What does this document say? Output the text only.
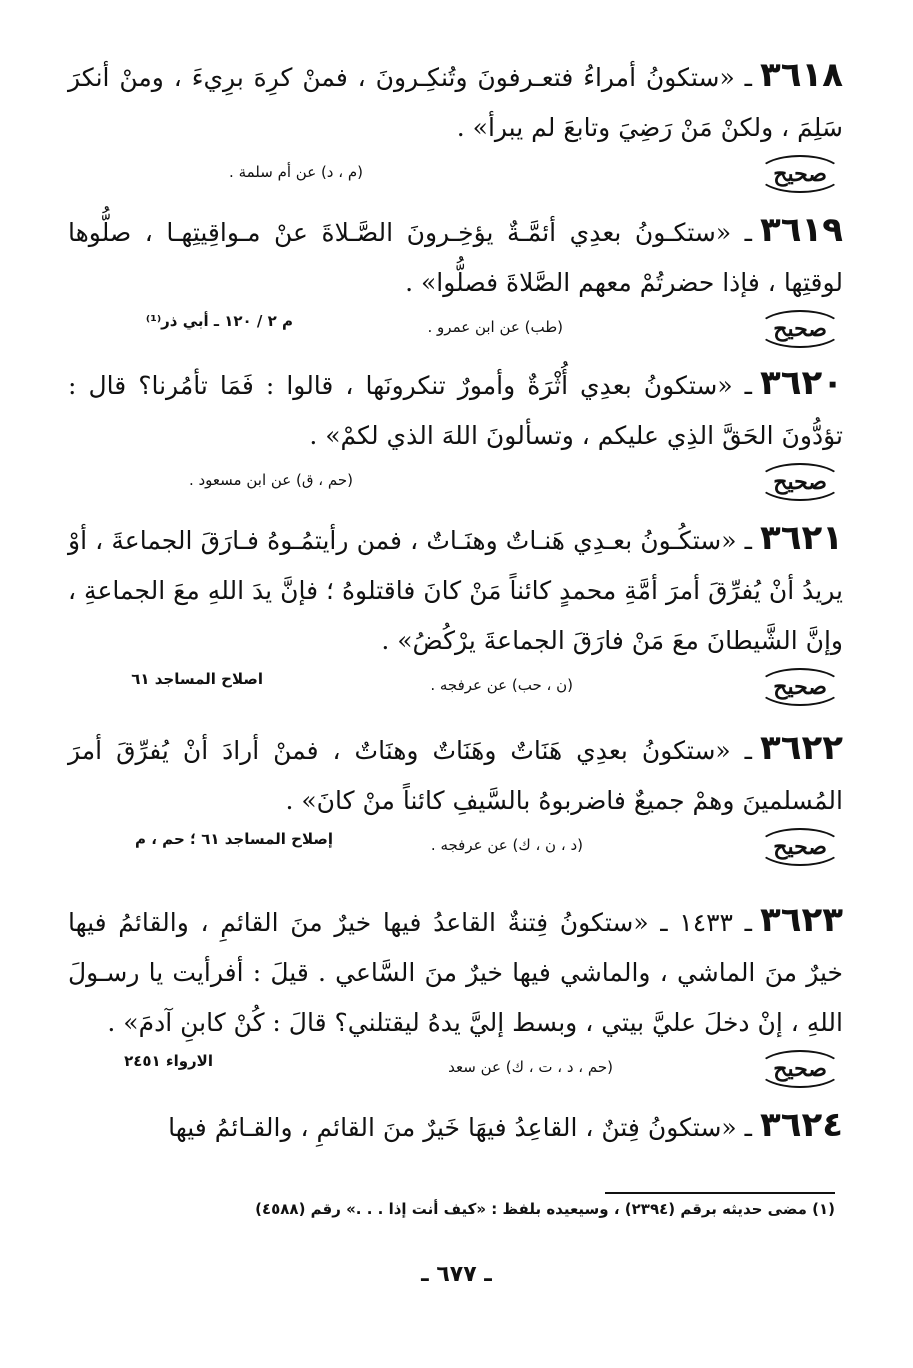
٣٦١٨ـ «ستكونُ أمراءُ فتعـرفونَ وتُنكِـرونَ ، فمنْ كرِهَ برِيءَ ، ومنْ أنكرَ سَلِمَ ، ولكنْ مَنْ رَضِيَ وتابعَ لم يبرأ» .

صحيح
(م ، د) عن أم سلمة .

٣٦١٩ـ «ستكـونُ بعدِي أئمَّـةٌ يؤخِـرونَ الصَّـلاةَ عنْ مـواقِيتِهـا ، صلُّوها لوقتِها ، فإذا حضرتُمْ معهم الصَّلاةَ فصلُّوا» .

صحيح
(طب) عن ابن عمرو .
م ٢ / ١٢٠ ـ أبي ذر⁽¹⁾

٣٦٢٠ـ «ستكونُ بعدِي أُثْرَةٌ وأمورٌ تنكرونَها ، قالوا : فَمَا تأمُرنا؟ قال : تؤدُّونَ الحَقَّ الذِي عليكم ، وتسألونَ اللهَ الذي لكمْ» .

صحيح
(حم ، ق) عن ابن مسعود .

٣٦٢١ـ «ستكُـونُ بعـدِي هَنـاتٌ وهنَـاتٌ ، فمن رأيتمُـوهُ فـارَقَ الجماعةَ ، أوْ يريدُ أنْ يُفرِّقَ أمرَ أمَّةِ محمدٍ كائناً مَنْ كانَ فاقتلوهُ ؛ فإنَّ يدَ اللهِ معَ الجماعةِ ، وإنَّ الشَّيطانَ معَ مَنْ فارَقَ الجماعةَ يرْكُضُ» .

صحيح
(ن ، حب) عن عرفجه .
اصلاح المساجد ٦١

٣٦٢٢ـ «ستكونُ بعدِي هَنَاتٌ وهَنَاتٌ وهنَاتٌ ، فمنْ أرادَ أنْ يُفرِّقَ أمرَ المُسلمينَ وهمْ جميعٌ فاضربوهُ بالسَّيفِ كائناً منْ كانَ» .

صحيح
(د ، ن ، ك) عن عرفجه .
إصلاح المساجد ٦١ ؛ حم ، م

٣٦٢٣ـ ١٤٣٣ ـ «ستكونُ فِتنةٌ القاعدُ فيها خيرٌ منَ القائمِ ، والقائمُ فيها خيرٌ منَ الماشي ، والماشي فيها خيرٌ منَ السَّاعي . قيلَ : أفرأيت يا رسـولَ اللهِ ، إنْ دخلَ عليَّ بيتي ، وبسط إليَّ يدهُ ليقتلني؟ قالَ : كُنْ كابنِ آدمَ» .

صحيح
(حم ، د ، ت ، ك) عن سعد
الارواء ٢٤٥١

٣٦٢٤ـ «ستكونُ فِتنٌ ، القاعِدُ فيهَا خَيرٌ منَ القائمِ ، والقـائمُ فيها

(١) مضى حديثه برقم (٢٣٩٤) ، وسيعيده بلفظ : «كيف أنت إذا . . .» رقم (٤٥٨٨)
ـ ٦٧٧ ـ
